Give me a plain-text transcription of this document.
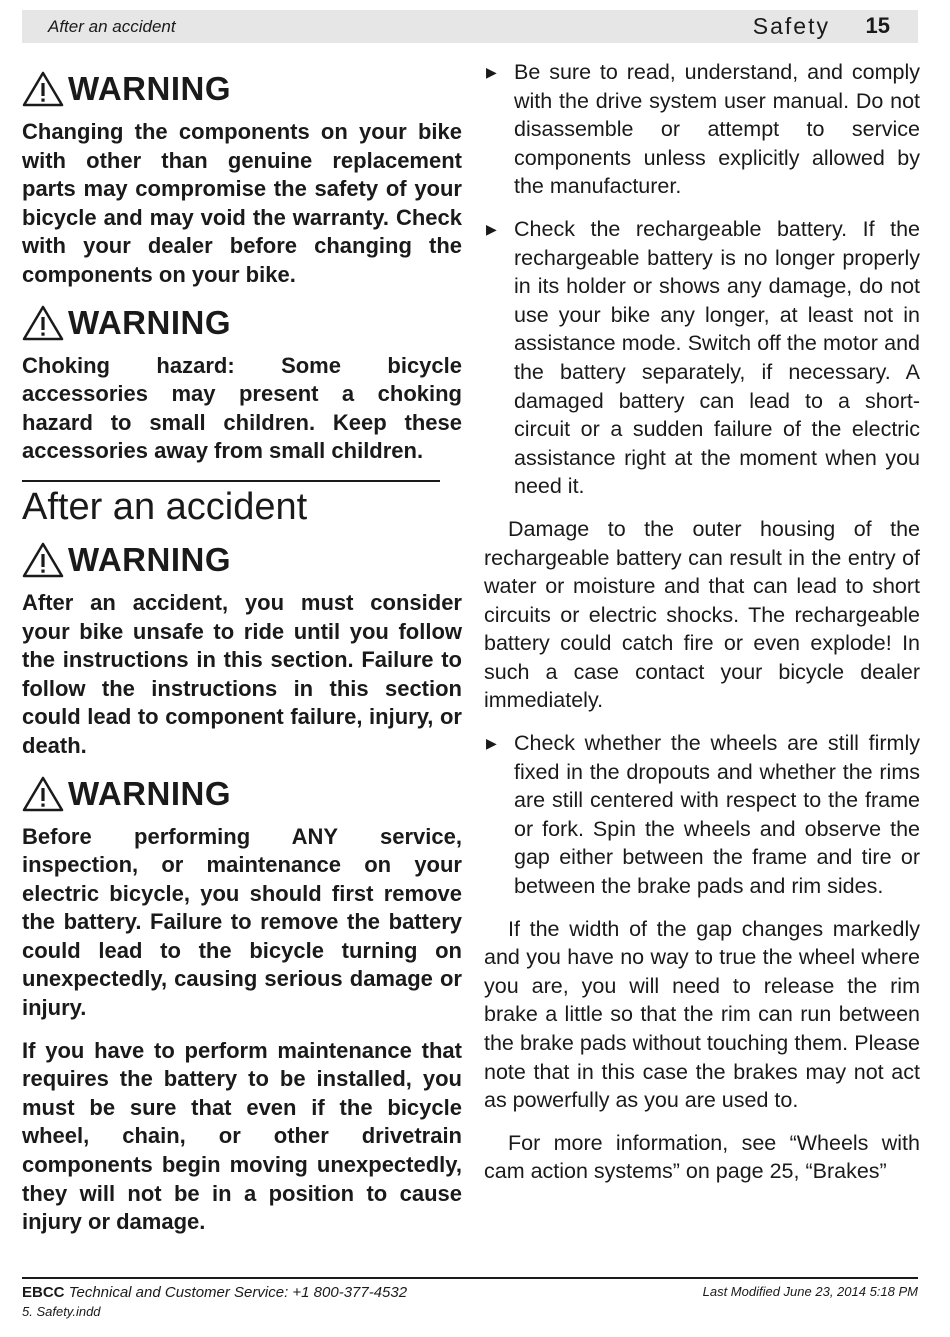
After an accident	Safety 15
WARNING

Changing the components on your bike with other than genuine replacement parts may compromise the safety of your bicycle and may void the warranty. Check with your dealer before changing the components on your bike.

WARNING

Choking hazard: Some bicycle accessories may present a choking hazard to small children. Keep these accessories away from small children.

After an accident
WARNING

After an accident, you must consider your bike unsafe to ride until you follow the instructions in this section. Failure to follow the instructions in this section could lead to component failure, injury, or death.

WARNING

Before performing ANY service, inspection, or maintenance on your electric bicycle, you should first remove the battery. Failure to remove the battery could lead to the bicycle turning on unexpectedly, causing serious damage or injury.

If you have to perform maintenance that requires the battery to be installed, you must be sure that even if the bicycle wheel, chain, or other drivetrain components begin moving unexpectedly, they will not be in a position to cause injury or damage.

▶ Be sure to read, understand, and comply with the drive system user manual. Do not disassemble or attempt to service components unless explicitly allowed by the manufacturer.
▶ Check the rechargeable battery. If the rechargeable battery is no longer properly in its holder or shows any damage, do not use your bike any longer, at least not in assistance mode. Switch off the motor and the battery separately, if necessary. A damaged battery can lead to a short-circuit or a sudden failure of the electric assistance right at the moment when you need it.

Damage to the outer housing of the rechargeable battery can result in the entry of water or moisture and that can lead to short circuits or electric shocks. The rechargeable battery could catch fire or even explode! In such a case contact your bicycle dealer immediately.

▶ Check whether the wheels are still firmly fixed in the dropouts and whether the rims are still centered with respect to the frame or fork. Spin the wheels and observe the gap either between the frame and tire or between the brake pads and rim sides.

If the width of the gap changes markedly and you have no way to true the wheel where you are, you will need to release the rim brake a little so that the rim can run between the brake pads without touching them. Please note that in this case the brakes may not act as powerfully as you are used to.

For more information, see “Wheels with cam action systems” on page 25, “Brakes”

EBCC Technical and Customer Service: +1 800-377-4532
5. Safety.indd
Last Modified June 23, 2014 5:18 PM
